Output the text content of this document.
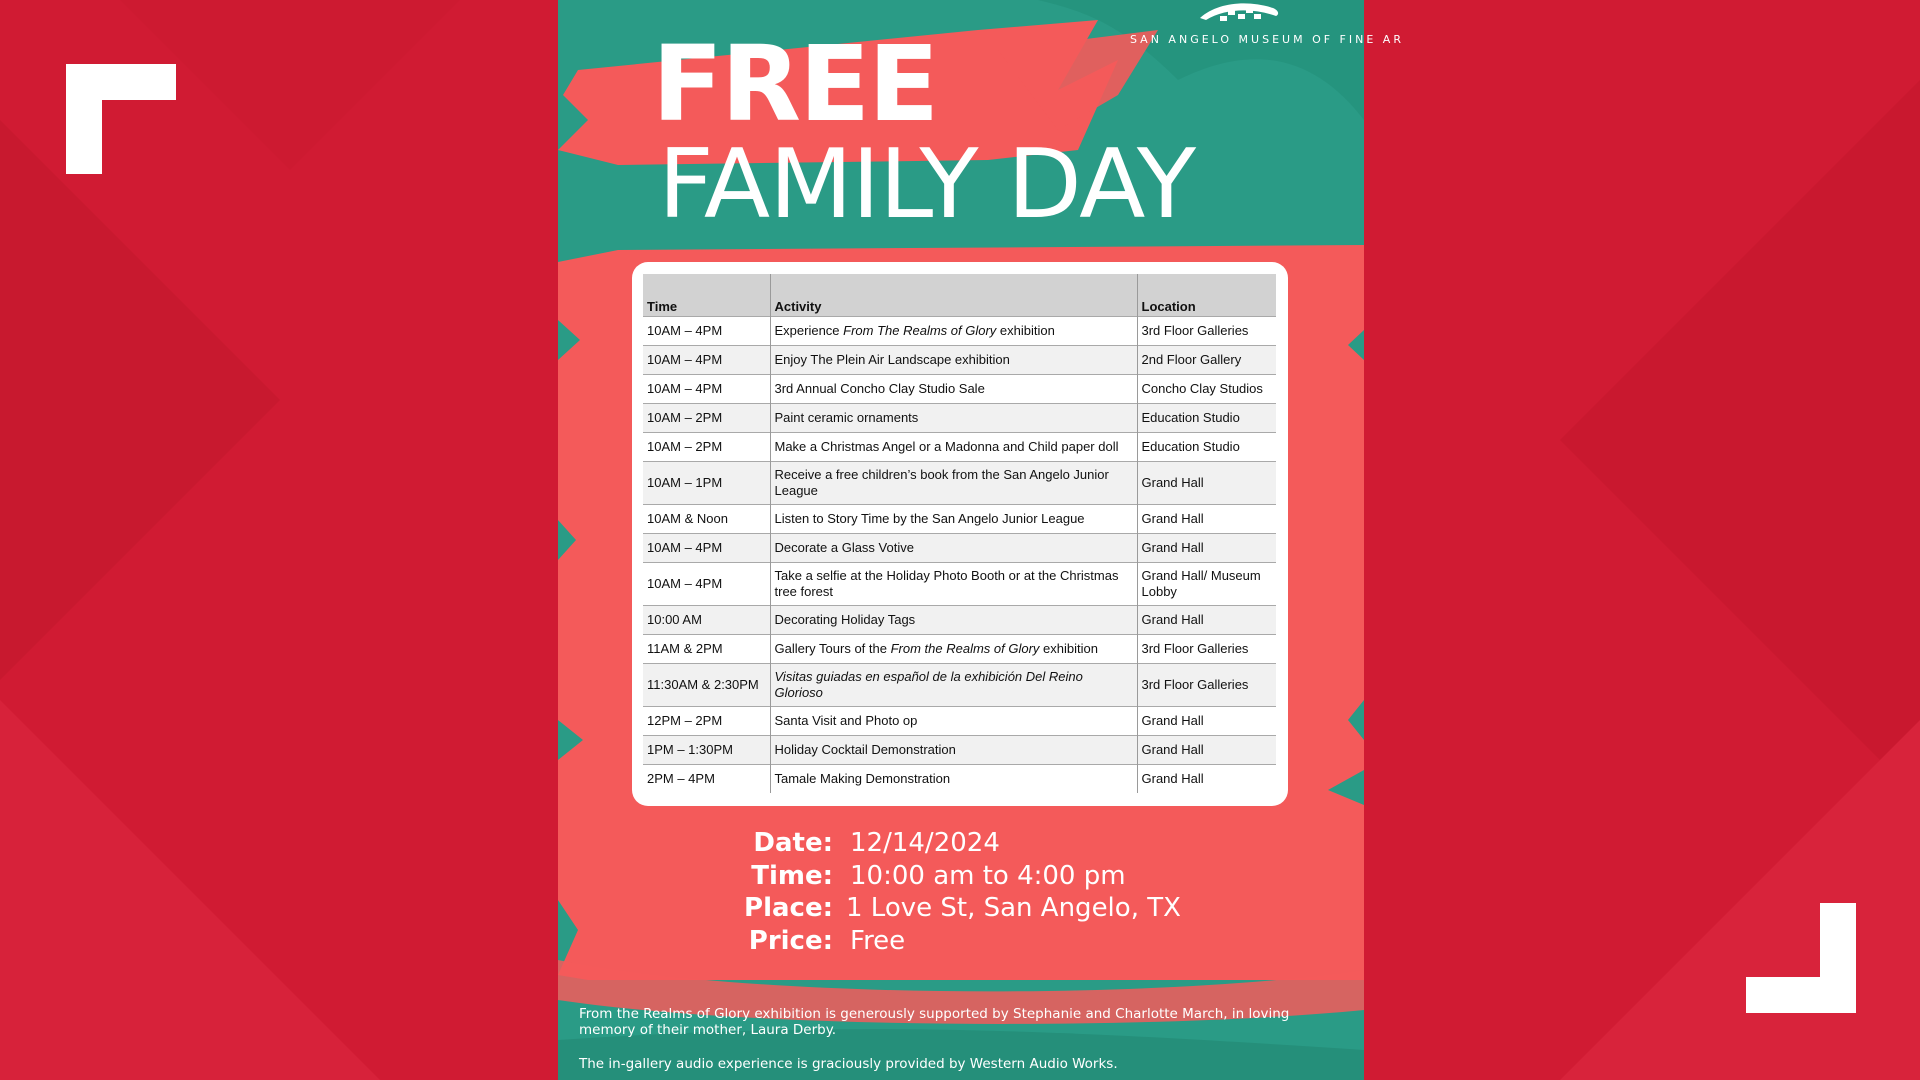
SAN ANGELO MUSEUM OF FINE AR
FREE
FAMILY DAY
Time	Activity	Location
10AM – 4PM	Experience From The Realms of Glory exhibition	3rd Floor Galleries
10AM – 4PM	Enjoy The Plein Air Landscape exhibition	2nd Floor Gallery
10AM – 4PM	3rd Annual Concho Clay Studio Sale	Concho Clay Studios
10AM – 2PM	Paint ceramic ornaments	Education Studio
10AM – 2PM	Make a Christmas Angel or a Madonna and Child paper doll	Education Studio
10AM – 1PM	Receive a free children’s book from the San Angelo Junior League	Grand Hall
10AM & Noon	Listen to Story Time by the San Angelo Junior League	Grand Hall
10AM – 4PM	Decorate a Glass Votive	Grand Hall
10AM – 4PM	Take a selfie at the Holiday Photo Booth or at the Christmas tree forest	Grand Hall/ Museum Lobby
10:00 AM	Decorating Holiday Tags	Grand Hall
11AM & 2PM	Gallery Tours of the From the Realms of Glory exhibition	3rd Floor Galleries
11:30AM & 2:30PM	Visitas guiadas en español de la exhibición Del Reino Glorioso	3rd Floor Galleries
12PM – 2PM	Santa Visit and Photo op	Grand Hall
1PM – 1:30PM	Holiday Cocktail Demonstration	Grand Hall
2PM – 4PM	Tamale Making Demonstration	Grand Hall
Date: 12/14/2024
Time: 10:00 am to 4:00 pm
Place: 1 Love St, San Angelo, TX
Price: Free
From the Realms of Glory exhibition is generously supported by Stephanie and Charlotte March, in loving memory of their mother, Laura Derby.
The in-gallery audio experience is graciously provided by Western Audio Works.
